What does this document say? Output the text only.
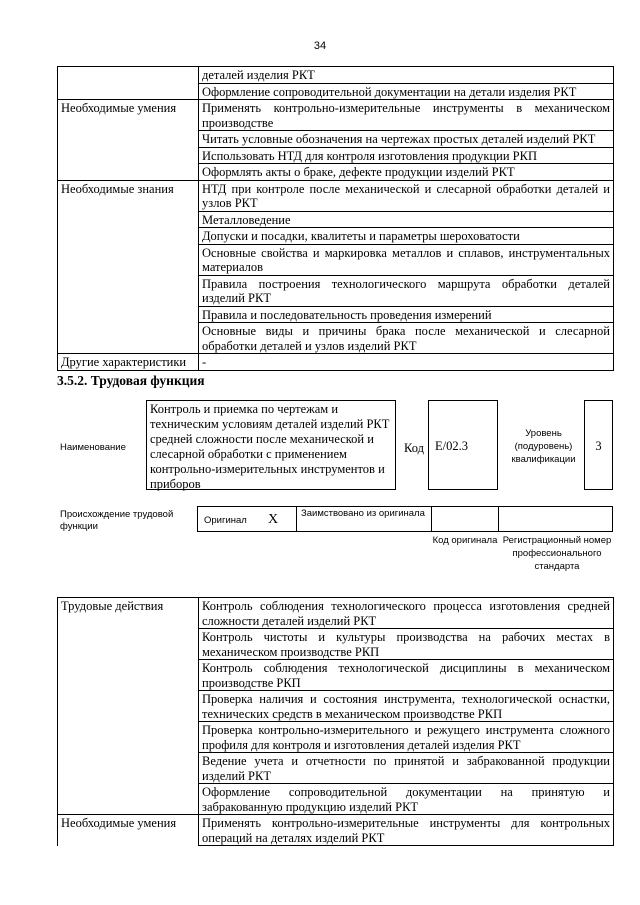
34
	деталей изделия РКТ
	Оформление сопроводительной документации на детали изделия РКТ
Необходимые умения	Применять контрольно-измерительные инструменты в механическом производстве
	Читать условные обозначения на чертежах простых деталей изделий РКТ
	Использовать НТД для контроля изготовления продукции РКП
	Оформлять акты о браке, дефекте продукции изделий РКТ
Необходимые знания	НТД при контроле после механической и слесарной обработки деталей и узлов РКТ
	Металловедение
	Допуски и посадки, квалитеты и параметры шероховатости
	Основные свойства и маркировка металлов и сплавов, инструментальных материалов
	Правила построения технологического маршрута обработки деталей изделий РКТ
	Правила и последовательность проведения измерений
	Основные виды и причины брака после механической и слесарной обработки деталей и узлов изделий РКТ
Другие характеристики	-
3.5.2. Трудовая функция
Наименование
Контроль и приемка по чертежам и техническим условиям деталей изделий РКТ средней сложности после механической и слесарной обработки с применением контрольно-измерительных инструментов и приборов
Код E/02.3
Уровень (подуровень) квалификации
3
Происхождение трудовой функции
Оригинал X	Заимствовано из оригинала
Код оригинала Регистрационный номер профессионального стандарта
Трудовые действия	Контроль соблюдения технологического процесса изготовления средней сложности деталей изделий РКТ
	Контроль чистоты и культуры производства на рабочих местах в механическом производстве РКП
	Контроль соблюдения технологической дисциплины в механическом производстве РКП
	Проверка наличия и состояния инструмента, технологической оснастки, технических средств в механическом производстве РКП
	Проверка контрольно-измерительного и режущего инструмента сложного профиля для контроля и изготовления деталей изделия РКТ
	Ведение учета и отчетности по принятой и забракованной продукции изделий РКТ
	Оформление сопроводительной документации на принятую и забракованную продукцию изделий РКТ
Необходимые умения	Применять контрольно-измерительные инструменты для контрольных операций на деталях изделий РКТ
